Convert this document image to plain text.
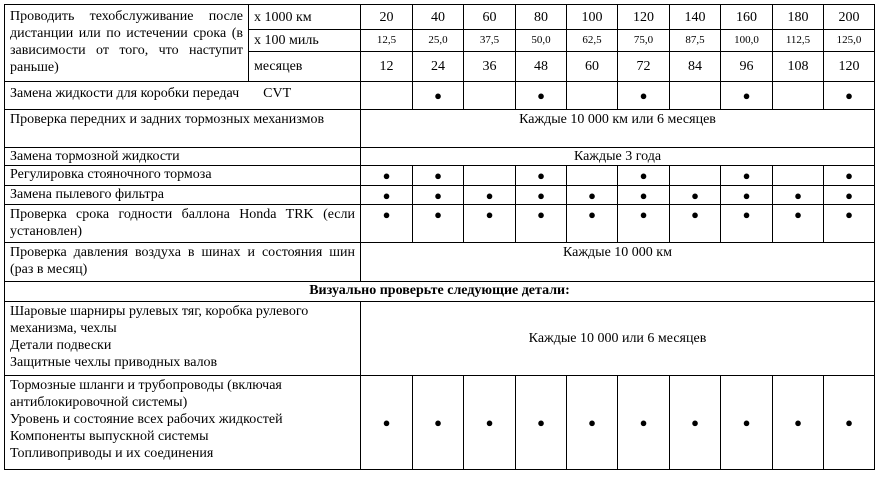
Проводить техобслуживание после дистанции или по истечении срока (в зависимости от того, что наступит раньше)	x 1000 км	20	40	60	80	100	120	140	160	180	200
	x 100 миль	12,5	25,0	37,5	50,0	62,5	75,0	87,5	100,0	112,5	125,0
	месяцев	12	24	36	48	60	72	84	96	108	120
Замена жидкости для коробки передач CVT			●		●		●		●		●
Проверка передних и задних тормозных механизмов		Каждые 10 000 км или 6 месяцев									
Замена тормозной жидкости		Каждые 3 года									
Регулировка стояночного тормоза		●	●		●		●		●		●
Замена пылевого фильтра		●	●	●	●	●	●	●	●	●	●
Проверка срока годности баллона Honda TRK (если установлен)		●	●	●	●	●	●	●	●	●	●
Проверка давления воздуха в шинах и состояния шин (раз в месяц)		Каждые 10 000 км									
Визуально проверьте следующие детали:											

Шаровые шарниры рулевых тяг, коробка рулевого механизма, чехлы
Детали подвески
Защитные чехлы приводных валов		Каждые 10 000 или 6 месяцев									

Тормозные шланги и трубопроводы (включая антиблокировочной системы)
Уровень и состояние всех рабочих жидкостей
Компоненты выпускной системы
Топливоприводы и их соединения		●	●	●	●	●	●	●	●	●	●
